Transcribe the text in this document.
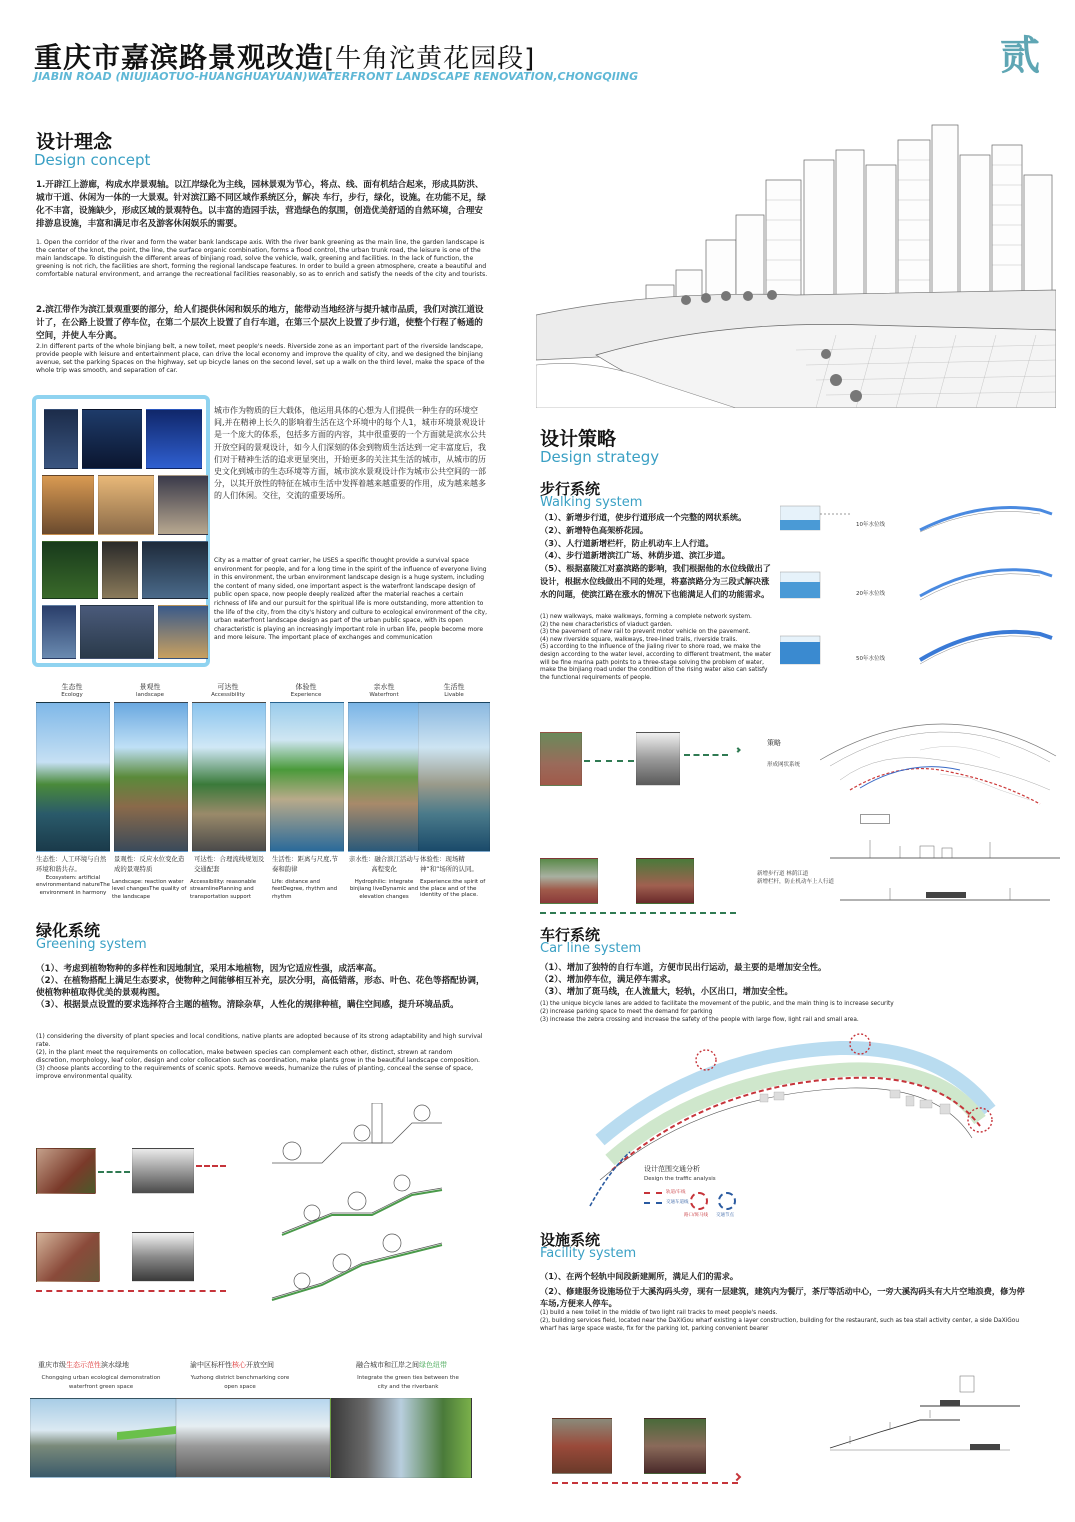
重庆市嘉滨路景观改造[牛角沱黄花园段]
JIABIN ROAD (NIUJIAOTUO-HUANGHUAYUAN)WATERFRONT LANDSCAPE RENOVATION,CHONGQIING	贰
设计理念
Design concept
1.开辟江上游廊，构成水岸景观轴。以江岸绿化为主线，园林景观为节心，将点、线、面有机结合起来，形成具防洪、城市干道、休闲为一体的一大景观。针对滨江路不同区域作系统区分，解决 车行，步行，绿化，设施。在功能不足，绿化不丰富，设施缺少，形成区域的景观特色。以丰富的造园手法，营造绿色的氛围，创造优美舒适的自然环境，合理安排游息设施，丰富和满足市名及游客休闲娱乐的需要。
1. Open the corridor of the river and form the water bank landscape axis. With the river bank greening as the main line, the garden landscape is the center of the knot, the point, the line, the surface organic combination, forms a flood control, the urban trunk road, the leisure is one of the main landscape. To distinguish the different areas of binjiang road, solve the vehicle, walk, greening and facilities. In the lack of function, the greening is not rich, the facilities are short, forming the regional landscape features. In order to build a green atmosphere, create a beautiful and comfortable natural environment, and arrange the recreational facilities reasonably, so as to enrich and satisfy the needs of the city and tourists.
2.滨江带作为滨江景观重要的部分，给人们提供休闲和娱乐的地方，能带动当地经济与提升城市品质，我们对滨江道设计了，在公路上设置了停车位，在第二个层次上设置了自行车道，在第三个层次上设置了步行道，使整个行程了畅通的空间，并使人车分离。
2.In different parts of the whole binjiang belt, a new toilet, meet people's needs. Riverside zone as an important part of the riverside landscape, provide people with leisure and entertainment place, can drive the local economy and improve the quality of city, and we designed the binjiang avenue, set the parking Spaces on the highway, set up bicycle lanes on the second level, set up a walk on the third level, make the space of the whole trip was smooth, and separation of car.
城市作为物质的巨大载体，他运用具体的心想为人们提供一种生存的环境空间,并在精神上长久的影响着生活在这个环境中的每个人1，城市环境景观设计是一个庞大的体系，包括多方面的内容，其中很重要的一个方面就是滨水公共开放空间的景观设计，如今人们深刻的体会到物质生活达到一定丰富度后，我们对于精神生活的追求更显突出，开始更多的关注其生活的城市，从城市的历史文化到城市的生态环境等方面，城市滨水景观设计作为城市公共空间的一部分，以其开放性的特征在城市生活中发挥着越来越重要的作用，成为越来越多的人们休闲。交往，交流的重要场所。
City as a matter of great carrier, he USES a specific thought provide a survival space environment for people, and for a long time in the spirit of the influence of everyone living in this environment, the urban environment landscape design is a huge system, including the content of many sided, one important aspect is the waterfront landscape design of public open space, now people deeply realized after the material reaches a certain richness of life and our pursuit for the spiritual life is more outstanding, more attention to the life of the city, from the city's history and culture to ecological environment of the city, urban waterfront landscape design as part of the urban public space, with its open characteristic is playing an increasingly important role in urban life, people become more and more leisure. The important place of exchanges and communication
生态性
Ecology
景观性
landscape
可达性
Accessibility
体验性
Experience
亲水性
Waterfront
生活性
Livable
生态性：人工环境与自然环境和谐共存。
Ecosystem: artificial environmentand natureThe environment in harmony
景观性：反应水位变化造成的景观特质
Landscape: reaction water level changesThe quality of the landscape
可达性：合理流线规划及交通配套
Accessibility: reasonable streamlinePlanning and transportation support
生活性：距离与尺度,节奏和韵律
Life: distance and feetDegree, rhythm and rhythm
亲水性：融合滨江活动与高程变化
Hydrophilic: integrate binjiang liveDynamic and elevation changes
体验性：现场精神“和”场所的认同。
Experience:the spirit of the place and of the identity of the place.
绿化系统
Greening system
（1）、考虑到植物物种的多样性和因地制宜，采用本地植物，因为它适应性强，成活率高。
（2）、在植物搭配上满足生态要求，使物种之间能够相互补充，层次分明，高低错落，形态、叶色、花色等搭配协调，使植物种植取得优美的景观构图。
（3）、根据景点设置的要求选择符合主题的植物。清除杂草，人性化的规律种植，瞒住空间感，提升环境品质。
(1) considering the diversity of plant species and local conditions, native plants are adopted because of its strong adaptability and high survival rate.
(2), in the plant meet the requirements on collocation, make between species can complement each other, distinct, strewn at random discretion, morphology, leaf color, design and color collocation such as coordination, make plants grow in the beautiful landscape composition.
(3) choose plants according to the requirements of scenic spots. Remove weeds, humanize the rules of planting, conceal the sense of space, improve environmental quality.
重庆市级生态示范性滨水绿地
Chongqing urban ecological demonstration waterfront green space
渝中区标杆性核心开放空间
Yuzhong district benchmarking core open space
融合城市和江岸之间绿色纽带
Integrate the green ties between the city and the riverbank
设计策略
Design strategy
步行系统
Walking system
（1）、新增步行道，使步行道形成一个完整的网状系统。
（2）、新增特色高架桥花园。
（3）、人行道新增栏杆，防止机动车上人行道。
（4）、步行道新增滨江广场、林荫步道、滨江步道。
（5）、根据嘉陵江对嘉滨路的影响，我们根据他的水位线做出了设计，根据水位线做出不同的处理，将嘉滨路分为三段式解决涨水的问题，使滨江路在涨水的情况下也能满足人们的功能需求。
(1) new walkways, make walkways, forming a complete network system.
(2) the new characteristics of viaduct garden.
(3) the pavement of new rail to prevent motor vehicle on the pavement.
(4) new riverside square, walkways, tree-lined trails, riverside trails.
(5) according to the influence of the jialing river to shore road, we make the design according to the water level, according to different treatment, the water will be fine marina path points to a three-stage solving the problem of water, make the binjiang road under the condition of the rising water also can satisfy the functional requirements of people.
10年水位线
20年水位线
50年水位线
策略
形成网状系统
新增步行道 林荫江道
新增栏杆，防止机动车上人行道
车行系统
Car line system
（1）、增加了独特的自行车道，方便市民出行运动，最主要的是增加安全性。
（2）、增加停车位，满足停车需求。
（3）、增加了斑马线，在人流量大，轻轨，小区出口，增加安全性。
(1) the unique bicycle lanes are added to facilitate the movement of the public, and the main thing is to increase security
(2) increase parking space to meet the demand for parking
(3) increase the zebra crossing and increase the safety of the people with large flow, light rail and small area.
设计范围交通分析
Design the traffic analysis
轨道/车线
交通车道线
路口/斑马线 交通节点
设施系统
Facility system
（1）、在两个轻轨中间段新建厕所，满足人们的需求。
（2）、修建服务设施场位于大溪沟码头旁，现有一层建筑，建筑内为餐厅，茶厅等活动中心，一旁大溪沟码头有大片空地浪费，修为停车场,方便来人停车。
(1) build a new toilet in the middle of two light rail tracks to meet people's needs.
(2), building services field, located near the DaXiGou wharf existing a layer construction, building for the restaurant, such as tea stall activity center, a side DaXiGou wharf has large space waste, fix for the parking lot, parking convenient bearer
